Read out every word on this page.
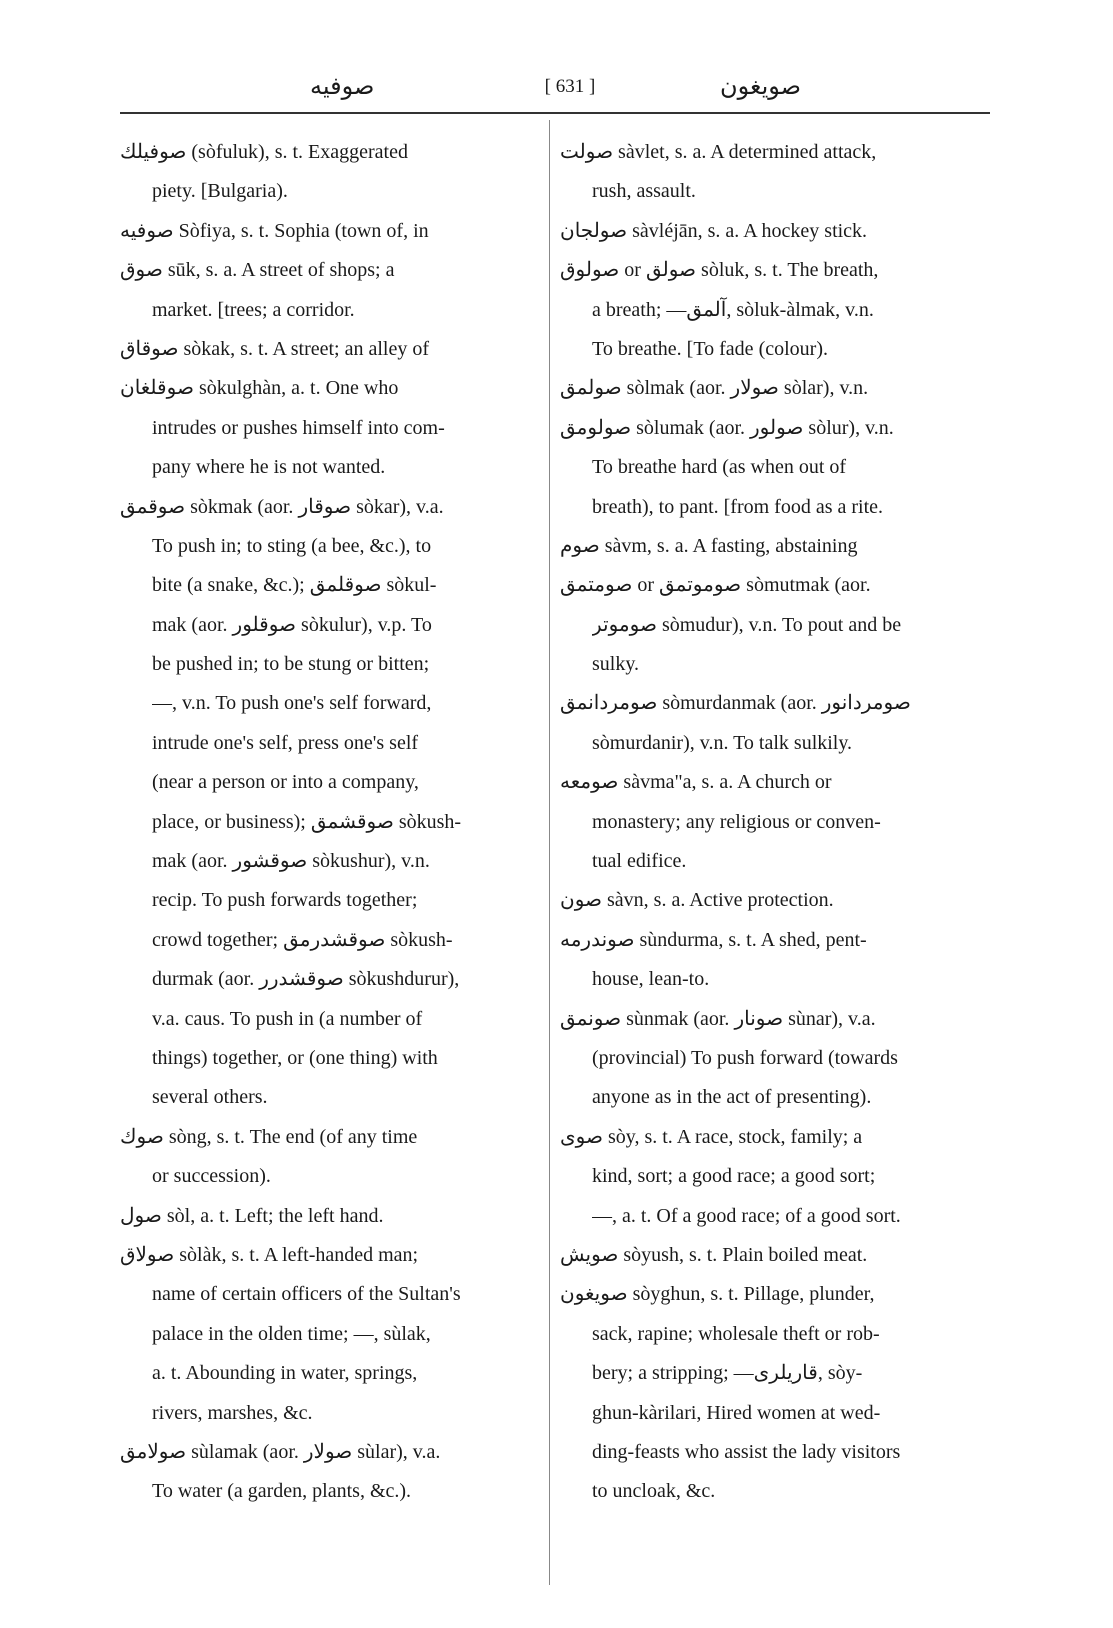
صوفيه	[ 631 ]	صويغون
صوفيلك (sòfuluk), s. t. Exaggerated
piety. [Bulgaria).
صوفيه Sòfiya, s. t. Sophia (town of, in
صوق sūk, s. a. A street of shops; a
market. [trees; a corridor.
صوقاق sòkak, s. t. A street; an alley of
صوقلغان sòkulghàn, a. t. One who
intrudes or pushes himself into com-
pany where he is not wanted.
صوقمق sòkmak (aor. صوقار sòkar), v.a.
To push in; to sting (a bee, &c.), to
bite (a snake, &c.); صوقلمق sòkul-
mak (aor. صوقلور sòkulur), v.p. To
be pushed in; to be stung or bitten;
—, v.n. To push one's self forward,
intrude one's self, press one's self
(near a person or into a company,
place, or business); صوقشمق sòkush-
mak (aor. صوقشور sòkushur), v.n.
recip. To push forwards together;
crowd together; صوقشدرمق sòkush-
durmak (aor. صوقشدرر sòkushdurur),
v.a. caus. To push in (a number of
things) together, or (one thing) with
several others.
صوك sòng, s. t. The end (of any time
or succession).
صول sòl, a. t. Left; the left hand.
صولاق sòlàk, s. t. A left-handed man;
name of certain officers of the Sultan's
palace in the olden time; —, sùlak,
a. t. Abounding in water, springs,
rivers, marshes, &c.
صولامق sùlamak (aor. صولار sùlar), v.a.
To water (a garden, plants, &c.).
صولت sàvlet, s. a. A determined attack,
rush, assault.
صولجان sàvléjān, s. a. A hockey stick.
صولق or صولوق sòluk, s. t. The breath,
a breath; —آلمق, sòluk-àlmak, v.n.
To breathe. [To fade (colour).
صولمق sòlmak (aor. صولار sòlar), v.n.
صولومق sòlumak (aor. صولور sòlur), v.n.
To breathe hard (as when out of
breath), to pant. [from food as a rite.
صوم sàvm, s. a. A fasting, abstaining
صوموتمق or صومتمق sòmutmak (aor.
صوموتر sòmudur), v.n. To pout and be
sulky.
صومردانمق sòmurdanmak (aor. صومردانور
sòmurdanir), v.n. To talk sulkily.
صومعه sàvma"a, s. a. A church or
monastery; any religious or conven-
tual edifice.
صون sàvn, s. a. Active protection.
صوندرمه sùndurma, s. t. A shed, pent-
house, lean-to.
صونمق sùnmak (aor. صونار sùnar), v.a.
(provincial) To push forward (towards
anyone as in the act of presenting).
صوى sòy, s. t. A race, stock, family; a
kind, sort; a good race; a good sort;
—, a. t. Of a good race; of a good sort.
صويش sòyush, s. t. Plain boiled meat.
صويغون sòyghun, s. t. Pillage, plunder,
sack, rapine; wholesale theft or rob-
bery; a stripping; —قاريلرى, sòy-
ghun-kàrilari, Hired women at wed-
ding-feasts who assist the lady visitors
to uncloak, &c.
